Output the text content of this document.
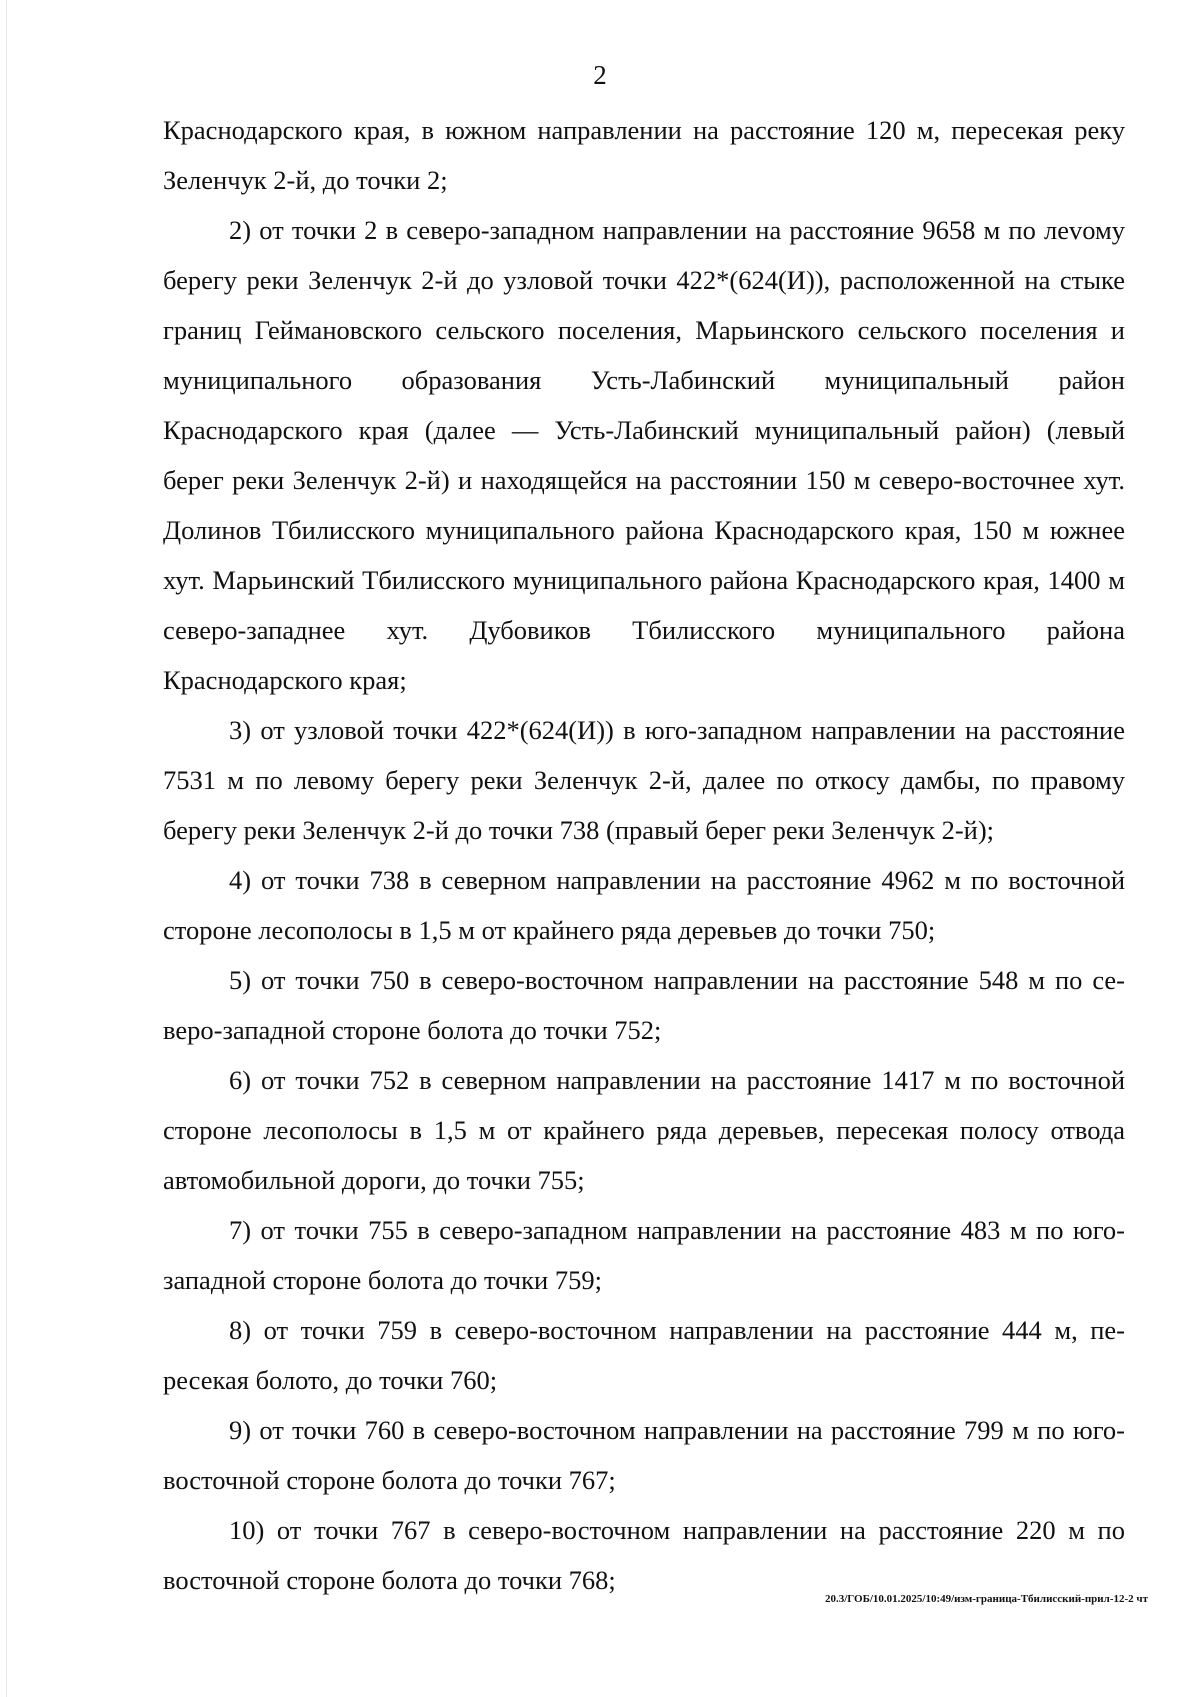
2

Краснодарского края, в южном направлении на расстояние 120 м, пересекая реку Зеленчук 2-й, до точки 2;

2) от точки 2 в северо-западном направлении на расстояние 9658 м по леvому берегу реки Зеленчук 2-й до узловой точки 422*(624(И)), расположенной на стыке границ Геймановского сельского поселения, Марьинского сельского поселения и муниципального образования Усть-Лабинский муниципальный район Краснодарского края (далее — Усть-Лабинский муниципальный район) (левый берег реки Зеленчук 2-й) и находящейся на расстоянии 150 м северо-восточнее хут. Долинов Тбилисского муниципального района Краснодарского края, 150 м южнее хут. Марьинский Тбилисского муниципального района Краснодарского края, 1400 м северо-западнее хут. Дубовиков Тбилисского муниципального района Краснодарского края;

3) от узловой точки 422*(624(И)) в юго-западном направлении на расстояние 7531 м по левому берегу реки Зеленчук 2-й, далее по откосу дамбы, по правому берегу реки Зеленчук 2-й до точки 738 (правый берег реки Зеленчук 2-й);

4) от точки 738 в северном направлении на расстояние 4962 м по восточной стороне лесополосы в 1,5 м от крайнего ряда деревьев до точки 750;

5) от точки 750 в северо-восточном направлении на расстояние 548 м по северо-западной стороне болота до точки 752;

6) от точки 752 в северном направлении на расстояние 1417 м по восточной стороне лесополосы в 1,5 м от крайнего ряда деревьев, пересекая полосу отвода автомобильной дороги, до точки 755;

7) от точки 755 в северо-западном направлении на расстояние 483 м по юго-западной стороне болота до точки 759;

8) от точки 759 в северо-восточном направлении на расстояние 444 м, пересекая болото, до точки 760;

9) от точки 760 в северо-восточном направлении на расстояние 799 м по юго-восточной стороне болота до точки 767;

10) от точки 767 в северо-восточном направлении на расстояние 220 м по восточной стороне болота до точки 768;

20.3/ГОБ/10.01.2025/10:49/изм-граница-Тбилисский-прил-12-2 чт
